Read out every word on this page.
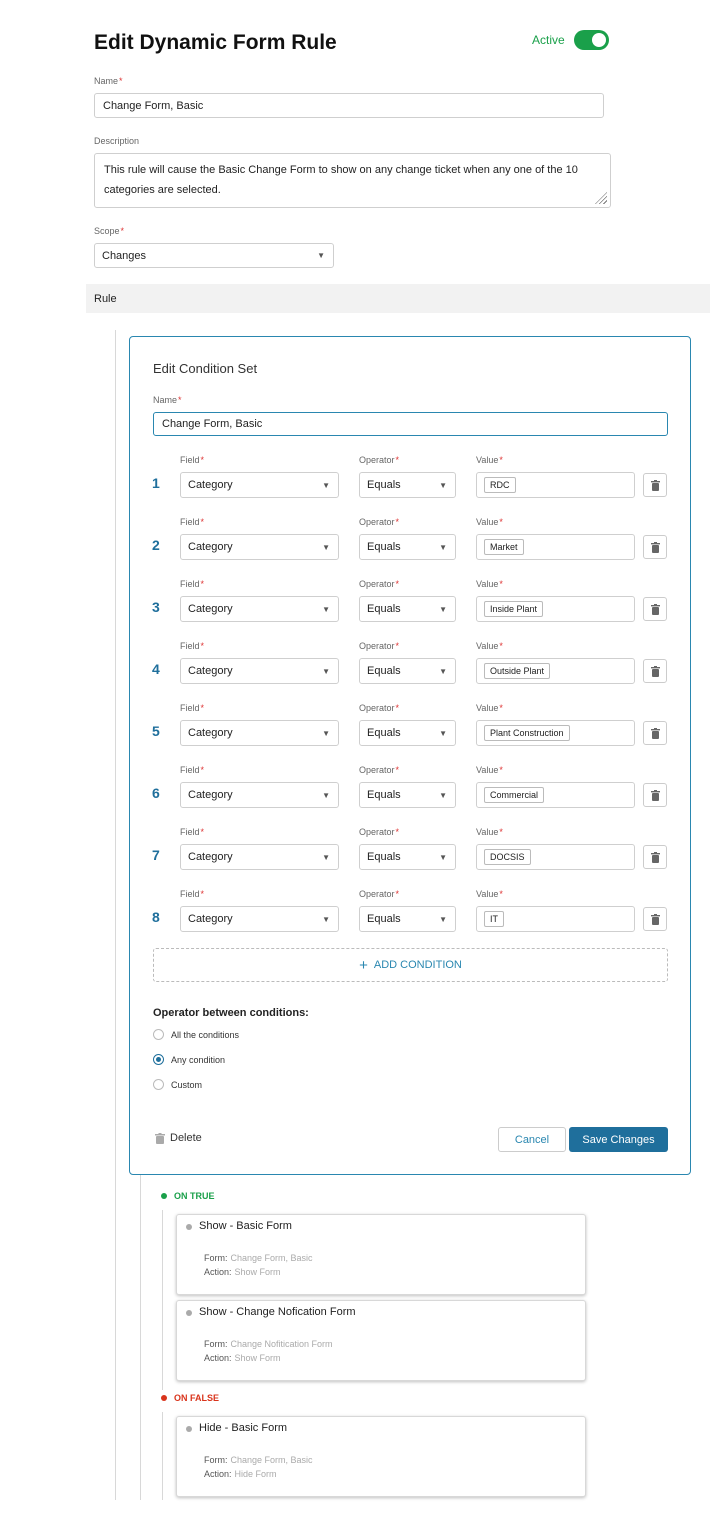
Edit Dynamic Form Rule	Active
Name*
Change Form, Basic
Description
This rule will cause the Basic Change Form to show on any change ticket when any one of the 10 categories are selected.
Scope*
Changes	▼
Rule
Edit Condition Set
Name*
Change Form, Basic
Field*	Operator*	Value*
1	Category	▼	Equals	▼	RDC
Field*	Operator*	Value*
2	Category	▼	Equals	▼	Market
Field*	Operator*	Value*
3	Category	▼	Equals	▼	Inside Plant
Field*	Operator*	Value*
4	Category	▼	Equals	▼	Outside Plant
Field*	Operator*	Value*
5	Category	▼	Equals	▼	Plant Construction
Field*	Operator*	Value*
6	Category	▼	Equals	▼	Commercial
Field*	Operator*	Value*
7	Category	▼	Equals	▼	DOCSIS
Field*	Operator*	Value*
8	Category	▼	Equals	▼	IT
+ ADD CONDITION
Operator between conditions:
All the conditions
Any condition
Custom
Delete	Cancel	Save Changes
ON TRUE
Show - Basic Form
Form: Change Form, Basic
Action: Show Form
Show - Change Nofication Form
Form: Change Nofitication Form
Action: Show Form
ON FALSE
Hide - Basic Form
Form: Change Form, Basic
Action: Hide Form
